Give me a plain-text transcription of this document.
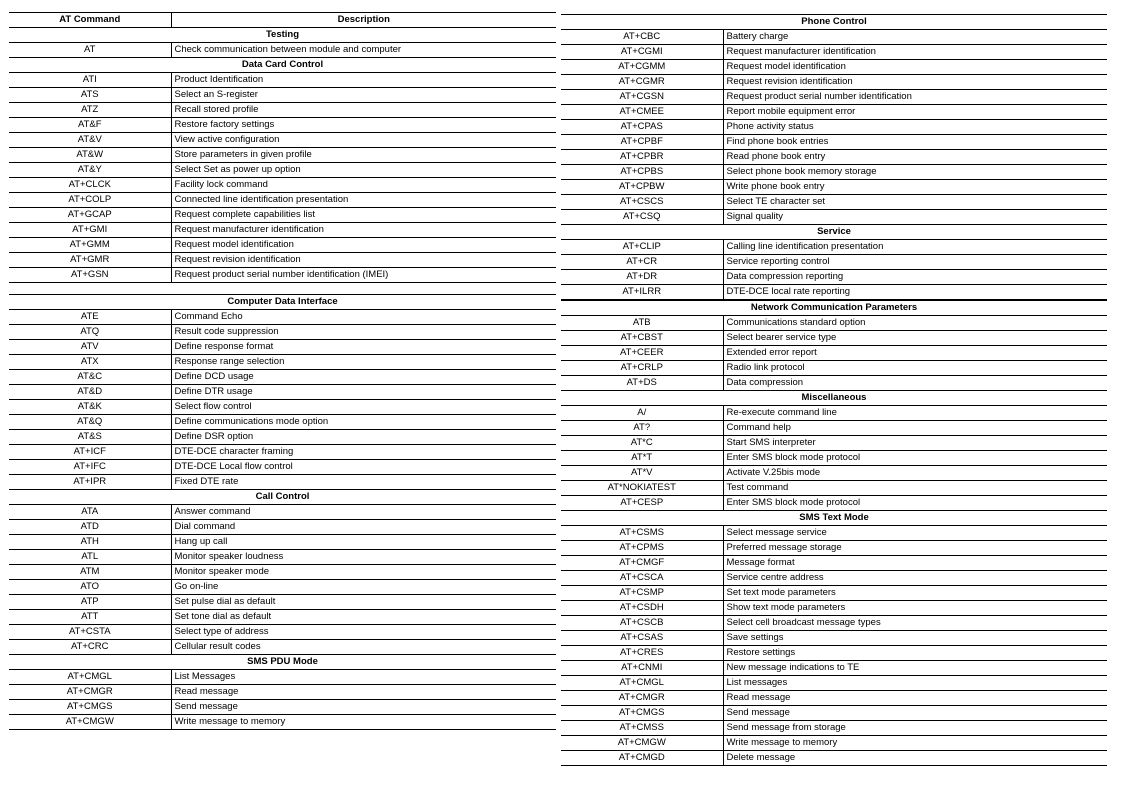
AT Command	Description
Testing	
AT	Check communication between module and computer
Data Card Control	
ATI	Product Identification
ATS	Select an S-register
ATZ	Recall stored profile
AT&F	Restore factory settings
AT&V	View active configuration
AT&W	Store parameters in given profile
AT&Y	Select Set as power up option
AT+CLCK	Facility lock command
AT+COLP	Connected line identification presentation
AT+GCAP	Request complete capabilities list
AT+GMI	Request manufacturer identification
AT+GMM	Request model identification
AT+GMR	Request revision identification
AT+GSN	Request product serial number identification (IMEI)
Computer Data Interface	
ATE	Command Echo
ATQ	Result code suppression
ATV	Define response format
ATX	Response range selection
AT&C	Define DCD usage
AT&D	Define DTR usage
AT&K	Select flow control
AT&Q	Define communications mode option
AT&S	Define DSR option
AT+ICF	DTE-DCE character framing
AT+IFC	DTE-DCE Local flow control
AT+IPR	Fixed DTE rate
Call Control	
ATA	Answer command
ATD	Dial command
ATH	Hang up call
ATL	Monitor speaker loudness
ATM	Monitor speaker mode
ATO	Go on-line
ATP	Set pulse dial as default
ATT	Set tone dial as default
AT+CSTA	Select type of address
AT+CRC	Cellular result codes
SMS PDU Mode	
AT+CMGL	List Messages
AT+CMGR	Read message
AT+CMGS	Send message
AT+CMGW	Write message to memory
Phone Control	
AT+CBC	Battery charge
AT+CGMI	Request manufacturer identification
AT+CGMM	Request model identification
AT+CGMR	Request revision identification
AT+CGSN	Request product serial number identification
AT+CMEE	Report mobile equipment error
AT+CPAS	Phone activity status
AT+CPBF	Find phone book entries
AT+CPBR	Read phone book entry
AT+CPBS	Select phone book memory storage
AT+CPBW	Write phone book entry
AT+CSCS	Select TE character set
AT+CSQ	Signal quality
Service	
AT+CLIP	Calling line identification presentation
AT+CR	Service reporting control
AT+DR	Data compression reporting
AT+ILRR	DTE-DCE local rate reporting
Network Communication Parameters	
ATB	Communications standard option
AT+CBST	Select bearer service type
AT+CEER	Extended error report
AT+CRLP	Radio link protocol
AT+DS	Data compression
Miscellaneous	
A/	Re-execute command line
AT?	Command help
AT*C	Start SMS interpreter
AT*T	Enter SMS block mode protocol
AT*V	Activate V.25bis mode
AT*NOKIATEST	Test command
AT+CESP	Enter SMS block mode protocol
SMS Text Mode	
AT+CSMS	Select message service
AT+CPMS	Preferred message storage
AT+CMGF	Message format
AT+CSCA	Service centre address
AT+CSMP	Set text mode parameters
AT+CSDH	Show text mode parameters
AT+CSCB	Select cell broadcast message types
AT+CSAS	Save settings
AT+CRES	Restore settings
AT+CNMI	New message indications to TE
AT+CMGL	List messages
AT+CMGR	Read message
AT+CMGS	Send message
AT+CMSS	Send message from storage
AT+CMGW	Write message to memory
AT+CMGD	Delete message
